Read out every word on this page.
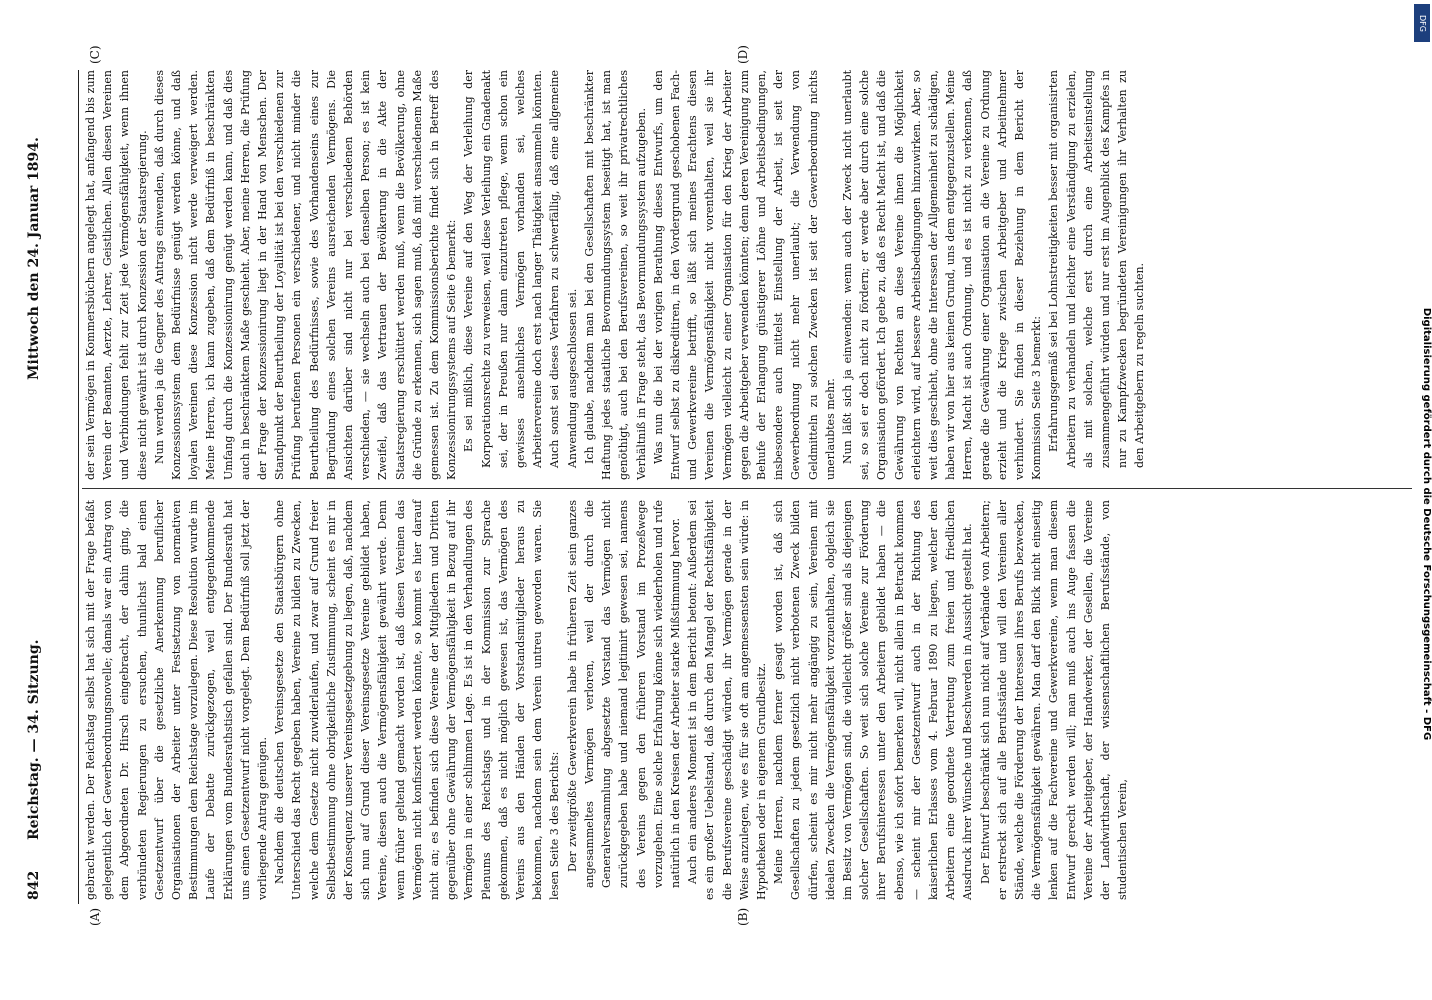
842
Reichstag. — 34. Sitzung.
Mittwoch den 24. Januar 1894.
(A)	(B)
(C)	(D)

gebracht werden. Der Reichstag selbst hat sich mit der Frage befaßt gelegentlich der Gewerbeordnungsnovelle; damals war ein Antrag von dem Abgeordneten Dr. Hirsch eingebracht, der dahin ging, die verbündeten Regierungen zu ersuchen, thunlichst bald einen Gesetzentwurf über die gesetzliche Anerkennung beruflicher Organisationen der Arbeiter unter Festsetzung von normativen Bestimmungen dem Reichstage vorzulegen. Diese Resolution wurde im Laufe der Debatte zurückgezogen, weil entgegenkommende Erklärungen vom Bundesrathstisch gefallen sind. Der Bundesrath hat uns einen Gesetzentwurf nicht vorgelegt. Dem Bedürfniß soll jetzt der vorliegende Antrag genügen. Nachdem die deutschen Vereinsgesetze den Staatsbürgern ohne Unterschied das Recht gegeben haben, Vereine zu bilden zu Zwecken, welche dem Gesetze nicht zuwiderlaufen, und zwar auf Grund freier Selbstbestimmung ohne obrigkeitliche Zustimmung, scheint es mir in der Konsequenz unserer Vereinsgesetzgebung zu liegen, daß, nachdem sich nun auf Grund dieser Vereinsgesetze Vereine gebildet haben, Vereine, diesen auch die Vermögensfähigkeit gewährt werde. Denn wenn früher geltend gemacht worden ist, daß diesen Vereinen das Vermögen nicht konfisziert werden könnte, so kommt es hier darauf nicht an; es befinden sich diese Vereine der Mitgliedern und Dritten gegenüber ohne Gewährung der Vermögensfähigkeit in Bezug auf ihr Vermögen in einer schlimmen Lage. Es ist in den Verhandlungen des Plenums des Reichstags und in der Kommission zur Sprache gekommen, daß es nicht möglich gewesen ist, das Vermögen des Vereins aus den Händen der Vorstandsmitglieder heraus zu bekommen, nachdem sein dem Verein untreu geworden waren. Sie lesen Seite 3 des Berichts: Der zweitgrößte Gewerkverein habe in früheren Zeit sein ganzes angesammeltes Vermögen verloren, weil der durch die Generalversammlung abgesetzte Vorstand das Vermögen nicht zurückgegeben habe und niemand legitimirt gewesen sei, namens des Vereins gegen den früheren Vorstand im Prozeßwege vorzugehen. Eine solche Erfahrung könne sich wiederholen und rufe natürlich in den Kreisen der Arbeiter starke Mißstimmung hervor. Auch ein anderes Moment ist in dem Bericht betont: Außerdem sei es ein großer Uebelstand, daß durch den Mangel der Rechtsfähigkeit die Berufsvereine geschädigt würden, ihr Vermögen gerade in der Weise anzulegen, wie es für sie oft am angemessensten sein würde: in Hypotheken oder in eigenem Grundbesitz. Meine Herren, nachdem ferner gesagt worden ist, daß sich Gesellschaften zu jedem gesetzlich nicht verbotenen Zweck bilden dürfen, scheint es mir nicht mehr angängig zu sein, Vereinen mit idealen Zwecken die Vermögensfähigkeit vorzuenthalten, obgleich sie im Besitz von Vermögen sind, die vielleicht größer sind als diejenigen solcher Gesellschaften. So weit sich solche Vereine zur Förderung ihrer Berufsinteressen unter den Arbeitern gebildet haben — die ebenso, wie ich sofort bemerken will, nicht allein in Betracht kommen — scheint mir der Gesetzentwurf auch in der Richtung des kaiserlichen Erlasses vom 4. Februar 1890 zu liegen, welcher den Arbeitern eine geordnete Vertretung zum freien und friedlichen Ausdruck ihrer Wünsche und Beschwerden in Aussicht gestellt hat. Der Entwurf beschränkt sich nun nicht auf Verbände von Arbeitern; er erstreckt sich auf alle Berufsstände und will den Vereinen aller Stände, welche die Förderung der Interessen ihres Berufs bezwecken, die Vermögensfähigkeit gewähren. Man darf den Blick nicht einseitig lenken auf die Fachvereine und Gewerkvereine, wenn man diesem Entwurf gerecht werden will; man muß auch ins Auge fassen die Vereine der Arbeitgeber, der Handwerker, der Gesellen, die Vereine der Landwirthschaft, der wissenschaftlichen Berufsstände, von studentischen Verein,

der sein Vermögen in Kommersbüchern angelegt hat, anfangend bis zum Verein der Beamten, Aerzte, Lehrer, Geistlichen. Allen diesen Vereinen und Verbindungen fehlt zur Zeit jede Vermögensfähigkeit, wenn ihnen diese nicht gewährt ist durch Konzession der Staatsregierung. Nun werden ja die Gegner des Antrags einwenden, daß durch dieses Konzessionssystem dem Bedürfnisse genügt werden könne, und daß loyalen Vereinen diese Konzession nicht werde verweigert werden. Meine Herren, ich kann zugeben, daß dem Bedürfniß in beschränkten Umfang durch die Konzessionirung genügt werden kann, und daß dies auch in beschränktem Maße geschieht. Aber, meine Herren, die Prüfung der Frage der Konzessionirung liegt in der Hand von Menschen. Der Standpunkt der Beurtheilung der Loyalität ist bei den verschiedenen zur Prüfung berufenen Personen ein verschiedener, und nicht minder die Beurtheilung des Bedürfnisses, sowie des Vorhandenseins eines zur Begründung eines solchen Vereins ausreichenden Vermögens. Die Ansichten darüber sind nicht nur bei verschiedenen Behörden verschieden, — sie wechseln auch bei denselben Person; es ist kein Zweifel, daß das Vertrauen der Bevölkerung in die Akte der Staatsregierung erschüttert werden muß, wenn die Bevölkerung, ohne die Gründe zu erkennen, sich sagen muß, daß mit verschiedenem Maße gemessen ist. Zu dem Kommissionsberichte findet sich in Betreff des Konzessionirungssystems auf Seite 6 bemerkt: Es sei mißlich, diese Vereine auf den Weg der Verleihung der Korporationsrechte zu verweisen, weil diese Verleihung ein Gnadenakt sei, der in Preußen nur dann einzutreten pflege, wenn schon ein gewisses ansehnliches Vermögen vorhanden sei, welches Arbeitervereine doch erst nach langer Thätigkeit ansammeln könnten. Auch sonst sei dieses Verfahren zu schwerfällig, daß eine allgemeine Anwendung ausgeschlossen sei. Ich glaube, nachdem man bei den Gesellschaften mit beschränkter Haftung jedes staatliche Bevormundungssystem beseitigt hat, ist man genöthigt, auch bei den Berufsvereinen, so weit ihr privatrechtliches Verhältniß in Frage steht, das Bevormundungssystem aufzugeben. Was nun die bei der vorigen Berathung dieses Entwurfs, um den Entwurf selbst zu diskreditiren, in den Vordergrund geschobenen Fach- und Gewerkvereine betrifft, so läßt sich meines Erachtens diesen Vereinen die Vermögensfähigkeit nicht vorenthalten, weil sie ihr Vermögen vielleicht zu einer Organisation für den Krieg der Arbeiter gegen die Arbeitgeber verwenden könnten; denn deren Vereinigung zum Behufe der Erlangung günstigerer Löhne und Arbeitsbedingungen, insbesondere auch mittelst Einstellung der Arbeit, ist seit der Gewerbeordnung nicht mehr unerlaubt; die Verwendung von Geldmitteln zu solchen Zwecken ist seit der Gewerbeordnung nichts unerlaubtes mehr. Nun läßt sich ja einwenden: wenn auch der Zweck nicht unerlaubt sei, so sei er doch nicht zu fördern; er werde aber durch eine solche Organisation gefördert. Ich gebe zu, daß es Recht Macht ist, und daß die Gewährung von Rechten an diese Vereine ihnen die Möglichkeit erleichtern wird, auf bessere Arbeitsbedingungen hinzuwirken. Aber, so weit dies geschieht, ohne die Interessen der Allgemeinheit zu schädigen, haben wir von hier aus keinen Grund, uns dem entgegenzustellen. Meine Herren, Macht ist auch Ordnung, und es ist nicht zu verkennen, daß gerade die Gewährung einer Organisation an die Vereine zu Ordnung erzieht und die Kriege zwischen Arbeitgeber und Arbeitnehmer verhindert. Sie finden in dieser Beziehung in dem Bericht der Kommission Seite 3 bemerkt: Erfahrungsgemäß sei bei Lohnstreitigkeiten besser mit organisirten Arbeitern zu verhandeln und leichter eine Verständigung zu erzielen, als mit solchen, welche erst durch eine Arbeitseinstellung zusammengeführt würden und nur erst im Augenblick des Kampfes in nur zu Kampfzwecken begründeten Vereinigungen ihr Verhalten zu den Arbeitgebern zu regeln suchten.

DFG
Digitalisierung gefördert durch die Deutsche Forschungsgemeinschaft - DFG
